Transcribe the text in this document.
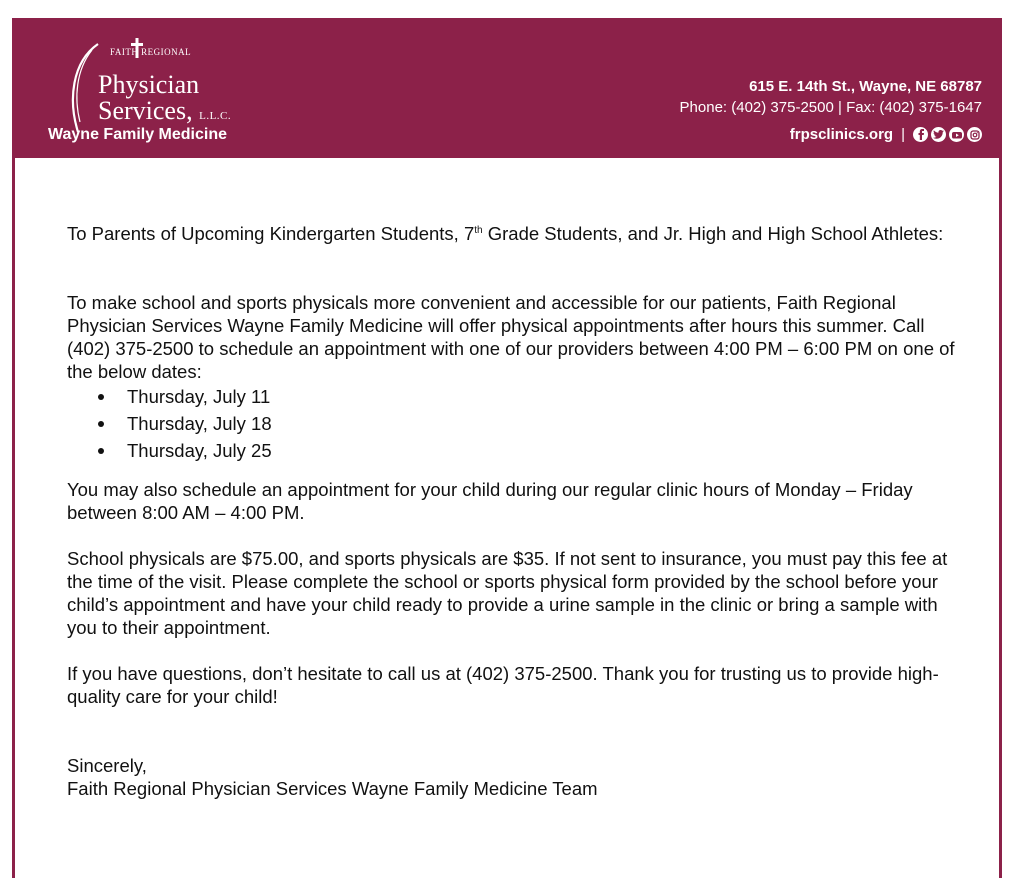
FAITH REGIONAL
Physician
Services, L.L.C.
Wayne Family Medicine
615 E. 14th St., Wayne, NE 68787
Phone: (402) 375-2500 | Fax: (402) 375-1647
frpsclinics.org |

To Parents of Upcoming Kindergarten Students, 7th Grade Students, and Jr. High and High School Athletes:

To make school and sports physicals more convenient and accessible for our patients, Faith Regional Physician Services Wayne Family Medicine will offer physical appointments after hours this summer. Call (402) 375-2500 to schedule an appointment with one of our providers between 4:00 PM – 6:00 PM on one of the below dates:

Thursday, July 11
Thursday, July 18
Thursday, July 25

You may also schedule an appointment for your child during our regular clinic hours of Monday – Friday between 8:00 AM – 4:00 PM.

School physicals are $75.00, and sports physicals are $35. If not sent to insurance, you must pay this fee at the time of the visit. Please complete the school or sports physical form provided by the school before your child’s appointment and have your child ready to provide a urine sample in the clinic or bring a sample with you to their appointment.

If you have questions, don’t hesitate to call us at (402) 375-2500. Thank you for trusting us to provide high-quality care for your child!

Sincerely,

Faith Regional Physician Services Wayne Family Medicine Team
